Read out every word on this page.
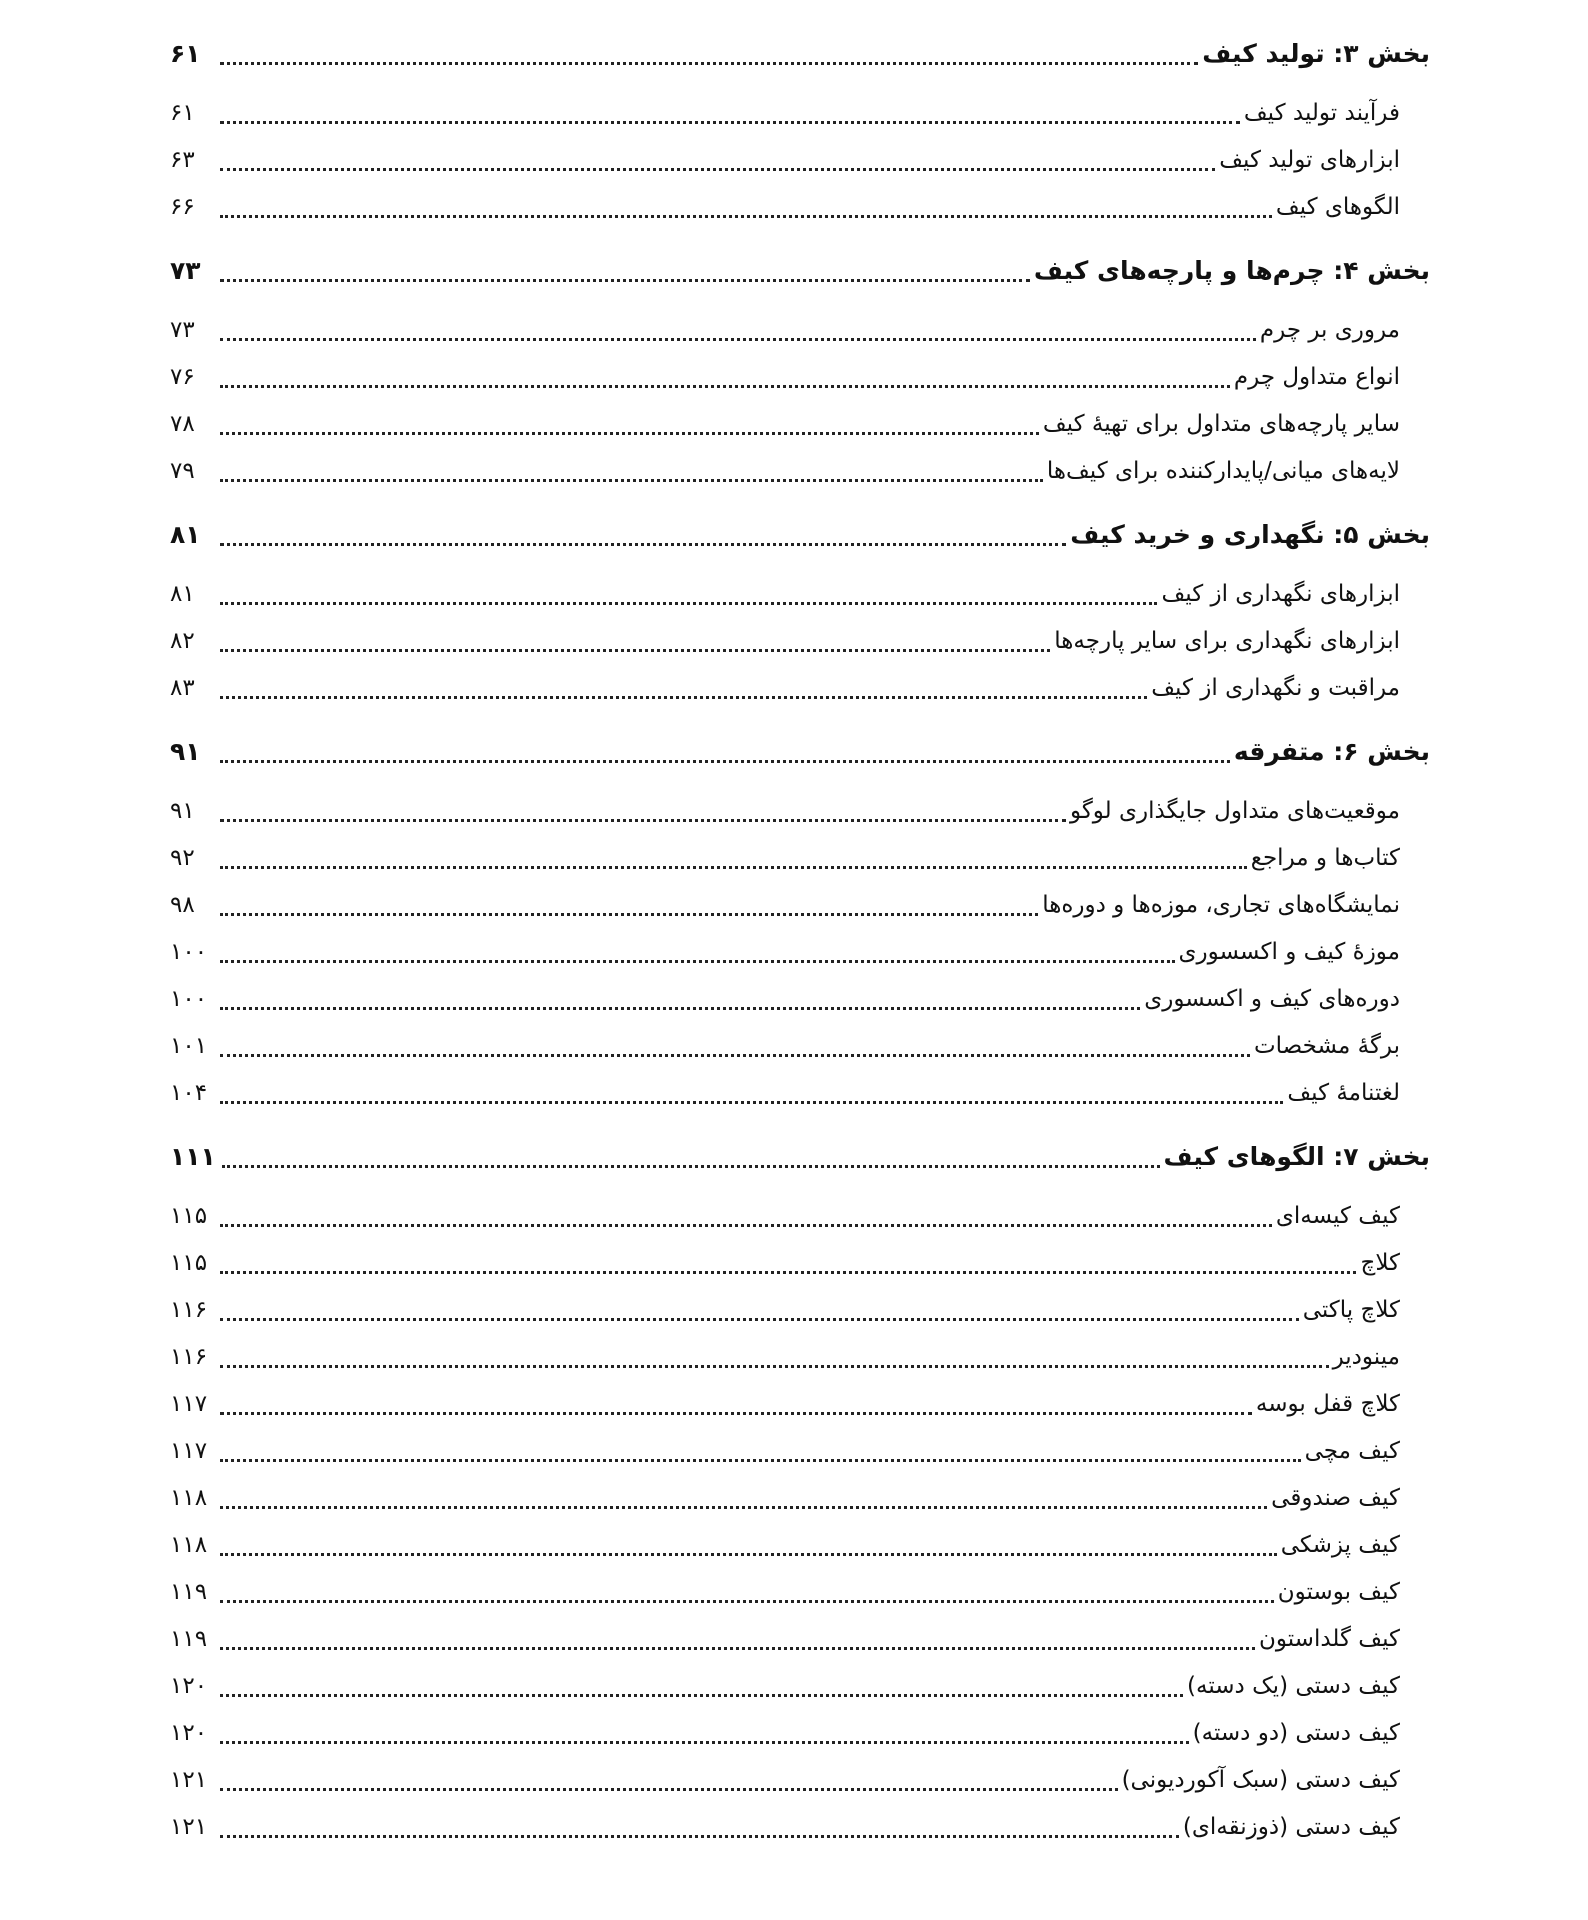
بخش ۳: تولید کیف
۶۱
فرآیند تولید کیف
۶۱
ابزارهای تولید کیف
۶۳
الگوهای کیف
۶۶
بخش ۴: چرم‌ها و پارچه‌های کیف
۷۳
مروری بر چرم
۷۳
انواع متداول چرم
۷۶
سایر پارچه‌های متداول برای تهیهٔ کیف
۷۸
لایه‌های میانی/پایدارکننده برای کیف‌ها
۷۹
بخش ۵: نگهداری و خرید کیف
۸۱
ابزارهای نگهداری از کیف
۸۱
ابزارهای نگهداری برای سایر پارچه‌ها
۸۲
مراقبت و نگهداری از کیف
۸۳
بخش ۶: متفرقه
۹۱
موقعیت‌های متداول جایگذاری لوگو
۹۱
کتاب‌ها و مراجع
۹۲
نمایشگاه‌های تجاری، موزه‌ها و دوره‌ها
۹۸
موزهٔ کیف و اکسسوری
۱۰۰
دوره‌های کیف و اکسسوری
۱۰۰
برگهٔ مشخصات
۱۰۱
لغتنامهٔ کیف
۱۰۴
بخش ۷: الگوهای کیف
۱۱۱
کیف کیسه‌ای
۱۱۵
کلاچ
۱۱۵
کلاچ پاکتی
۱۱۶
مینودیر
۱۱۶
کلاچ قفل بوسه
۱۱۷
کیف مچی
۱۱۷
کیف صندوقی
۱۱۸
کیف پزشکی
۱۱۸
کیف بوستون
۱۱۹
کیف گلداستون
۱۱۹
کیف دستی (یک دسته)
۱۲۰
کیف دستی (دو دسته)
۱۲۰
کیف دستی (سبک آکوردیونی)
۱۲۱
کیف دستی (ذوزنقه‌ای)
۱۲۱
